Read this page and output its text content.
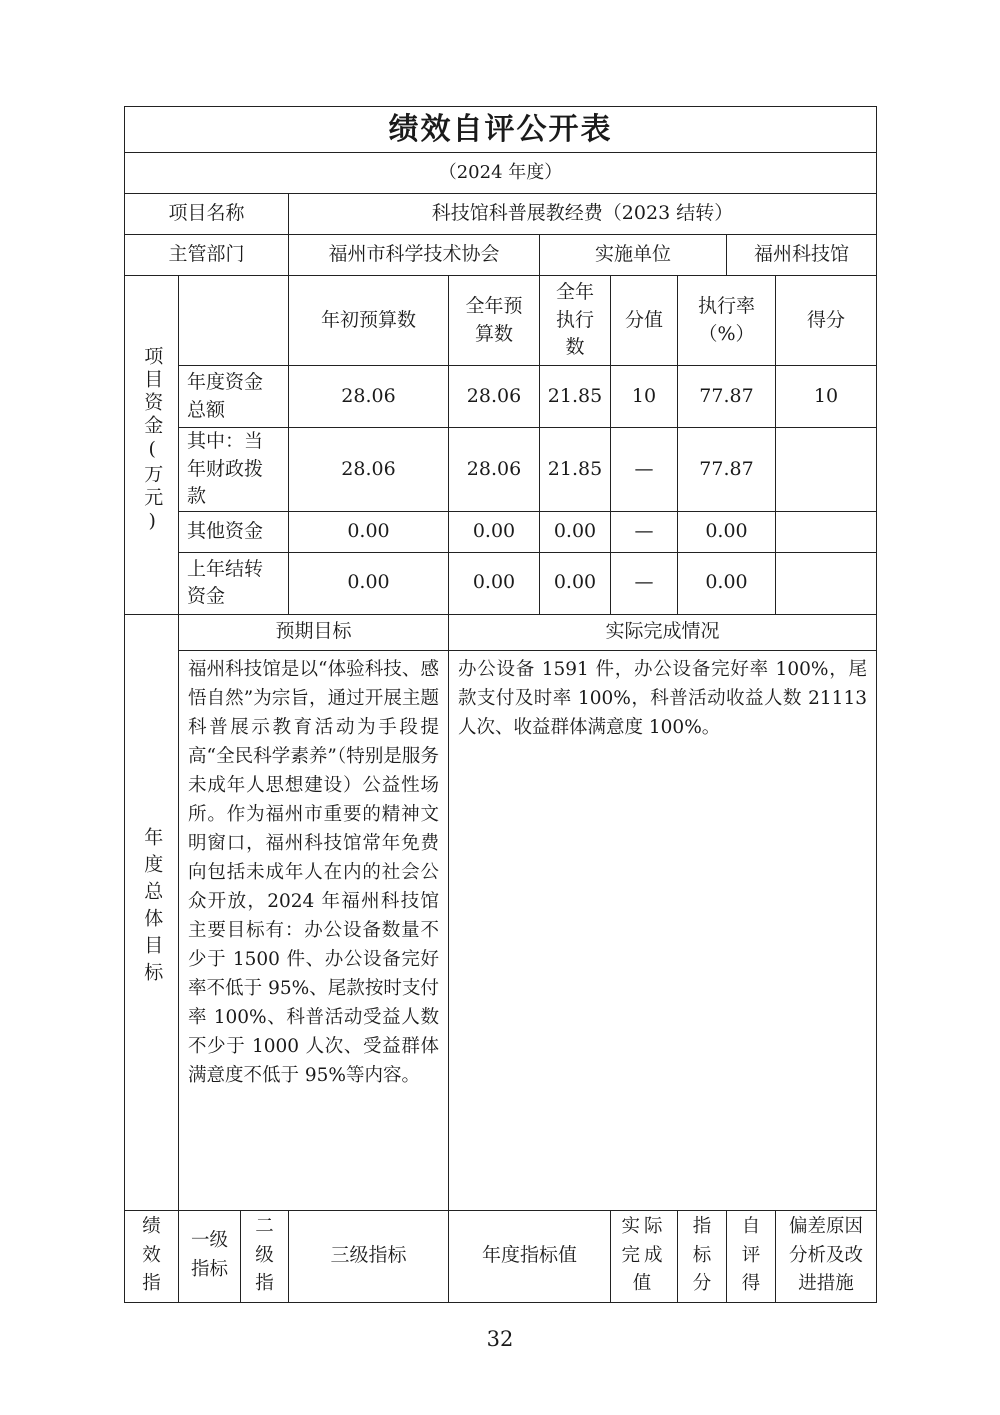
绩效自评公开表									
（2024 年度）									
项目名称			科技馆科普展教经费（2023 结转）						
主管部门			福州市科学技术协会		实施单位			福州科技馆	
项目资金(万元)			年初预算数	全年预算数	全年执行数	分值	执行率（%）		得分
	年度资金总额		28.06	28.06	21.85	10	77.87		10
	其中：当年财政拨款		28.06	28.06	21.85	—	77.87		
	其他资金		0.00	0.00	0.00	—	0.00		
	上年结转资金		0.00	0.00	0.00	—	0.00		
年度总体目标	预期目标			实际完成情况					
	福州科技馆是以“体验科技、感悟自然”为宗旨，通过开展主题科普展示教育活动为手段提高“全民科学素养”（特别是服务未成年人思想建设）公益性场所。作为福州市重要的精神文明窗口，福州科技馆常年免费向包括未成年人在内的社会公众开放，2024 年福州科技馆主要目标有：办公设备数量不少于 1500 件、办公设备完好率不低于 95%、尾款按时支付率 100%、科普活动受益人数不少于 1000 人次、受益群体满意度不低于 95%等内容。			办公设备 1591 件，办公设备完好率 100%，尾款支付及时率 100%，科普活动收益人数 21113 人次、收益群体满意度 100%。					
绩效指	一级指标	二级指	三级指标	年度指标值		实际完成值	指标分	自评得	偏差原因分析及改进措施
32
